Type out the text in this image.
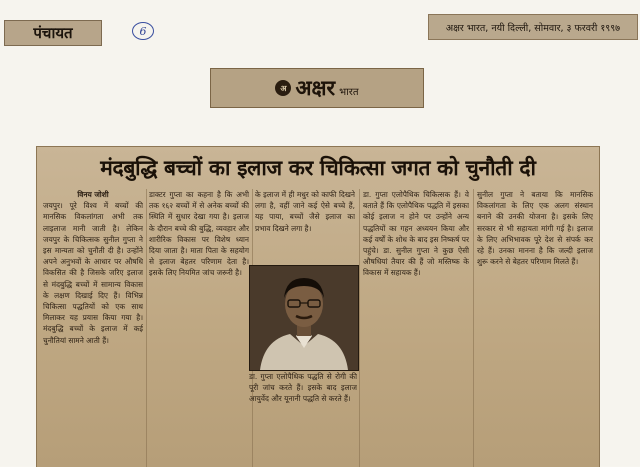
पंचायत	6	अक्षर भारत, नयी दिल्ली, सोमवार, ३ फरवरी १९९७
अ अक्षर भारत
मंदबुद्धि बच्चों का इलाज कर चिकित्सा जगत को चुनौती दी
विनय जोशी

जयपुर। पूरे विश्व में बच्चों की मानसिक विकलांगता अभी तक लाइलाज मानी जाती है। लेकिन जयपुर के चिकित्सक सुनील गुप्ता ने इस मान्यता को चुनौती दी है। उन्होंने अपने अनुभवों के आधार पर औषधि विकसित की है जिसके जरिए इलाज से मंदबुद्धि बच्चों में सामान्य विकास के लक्षण दिखाई दिए हैं। विभिन्न चिकित्सा पद्धतियों को एक साथ मिलाकर यह प्रयास किया गया है। मंदबुद्धि बच्चों के इलाज में कई चुनौतियां सामने आती हैं।

डाक्टर गुप्ता का कहना है कि अभी तक १६२ बच्चों में से अनेक बच्चों की स्थिति में सुधार देखा गया है। इलाज के दौरान बच्चे की बुद्धि, व्यवहार और शारीरिक विकास पर विशेष ध्यान दिया जाता है। माता पिता के सहयोग से इलाज बेहतर परिणाम देता है। इसके लिए नियमित जांच जरूरी है।

के इलाज में ही मधुर को काफी दिखने लगा है, वहीं जाने कई ऐसे बच्चे हैं, यह पाया, बच्चों जैसे इलाज का प्रभाव दिखने लगा है।

डा. गुप्ता एलोपैथिक पद्धति से रोगी की पूरी जांच करते हैं। इसके बाद इलाज आयुर्वेद और यूनानी पद्धति से करते हैं।

डा. गुप्ता एलोपैथिक चिकित्सक हैं। वे बताते हैं कि एलोपैथिक पद्धति में इसका कोई इलाज न होने पर उन्होंने अन्य पद्धतियों का गहन अध्ययन किया और कई वर्षों के शोध के बाद इस निष्कर्ष पर पहुंचे। डा. सुनील गुप्ता ने कुछ ऐसी औषधियां तैयार की हैं जो मस्तिष्क के विकास में सहायक हैं।

सुनील गुप्ता ने बताया कि मानसिक विकलांगता के लिए एक अलग संस्थान बनाने की उनकी योजना है। इसके लिए सरकार से भी सहायता मांगी गई है। इलाज के लिए अभिभावक पूरे देश से संपर्क कर रहे हैं। उनका मानना है कि जल्दी इलाज शुरू करने से बेहतर परिणाम मिलते हैं।
